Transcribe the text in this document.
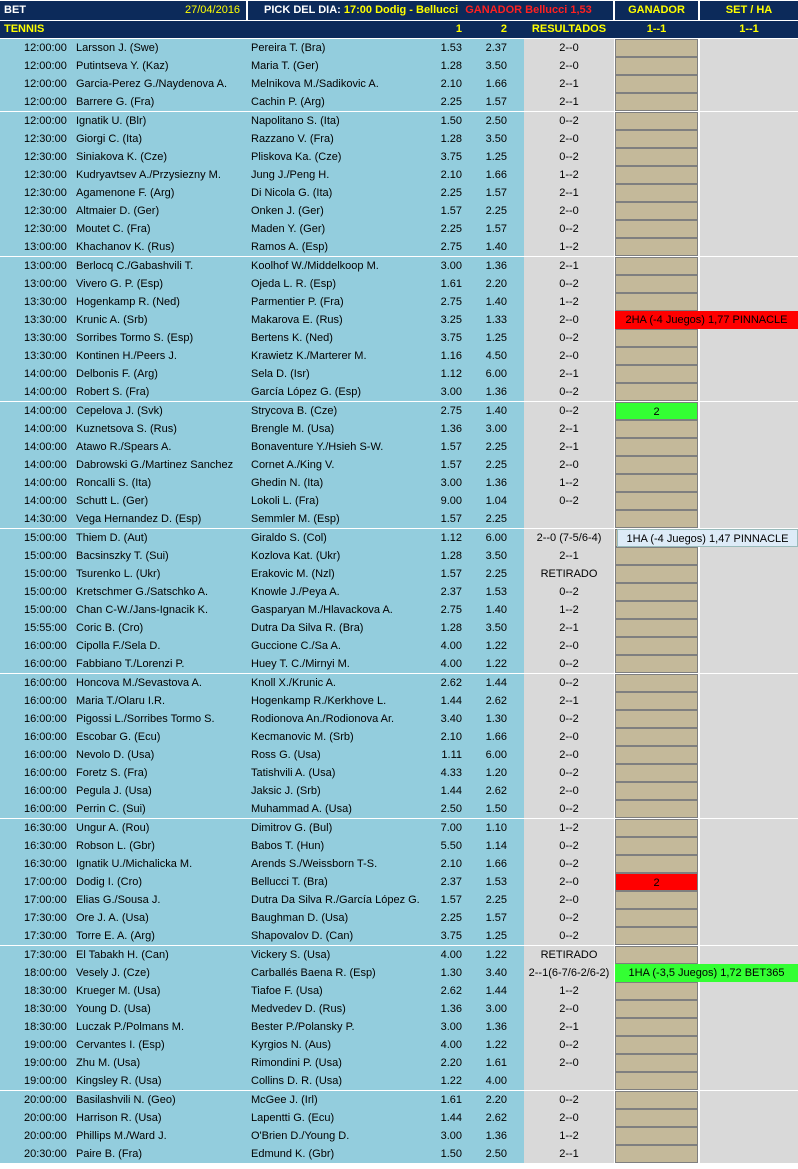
BET	27/04/2016	PICK DEL DIA: 17:00 Dodig - Bellucci GANADOR Bellucci 1,53	GANADOR	SET / HA
TENNIS	1	2	RESULTADOS	1--1	1--1
12:00:00 Larsson J. (Swe)	Pereira T. (Bra)	1.53	2.37	2--0
12:00:00 Putintseva Y. (Kaz)	Maria T. (Ger)	1.28	3.50	2--0
12:00:00 Garcia-Perez G./Naydenova A.	Melnikova M./Sadikovic A.	2.10	1.66	2--1
12:00:00 Barrere G. (Fra)	Cachin P. (Arg)	2.25	1.57	2--1
12:00:00 Ignatik U. (Blr)	Napolitano S. (Ita)	1.50	2.50	0--2
12:30:00 Giorgi C. (Ita)	Razzano V. (Fra)	1.28	3.50	2--0
12:30:00 Siniakova K. (Cze)	Pliskova Ka. (Cze)	3.75	1.25	0--2
12:30:00 Kudryavtsev A./Przysiezny M.	Jung J./Peng H.	2.10	1.66	1--2
12:30:00 Agamenone F. (Arg)	Di Nicola G. (Ita)	2.25	1.57	2--1
12:30:00 Altmaier D. (Ger)	Onken J. (Ger)	1.57	2.25	2--0
12:30:00 Moutet C. (Fra)	Maden Y. (Ger)	2.25	1.57	0--2
13:00:00 Khachanov K. (Rus)	Ramos A. (Esp)	2.75	1.40	1--2
13:00:00 Berlocq C./Gabashvili T.	Koolhof W./Middelkoop M.	3.00	1.36	2--1
13:00:00 Vivero G. P. (Esp)	Ojeda L. R. (Esp)	1.61	2.20	0--2
13:30:00 Hogenkamp R. (Ned)	Parmentier P. (Fra)	2.75	1.40	1--2
13:30:00 Krunic A. (Srb)	Makarova E. (Rus)	3.25	1.33	2--0	2HA (-4 Juegos) 1,77 PINNACLE
13:30:00 Sorribes Tormo S. (Esp)	Bertens K. (Ned)	3.75	1.25	0--2
13:30:00 Kontinen H./Peers J.	Krawietz K./Marterer M.	1.16	4.50	2--0
14:00:00 Delbonis F. (Arg)	Sela D. (Isr)	1.12	6.00	2--1
14:00:00 Robert S. (Fra)	García López G. (Esp)	3.00	1.36	0--2
14:00:00 Cepelova J. (Svk)	Strycova B. (Cze)	2.75	1.40	0--2	2
14:00:00 Kuznetsova S. (Rus)	Brengle M. (Usa)	1.36	3.00	2--1
14:00:00 Atawo R./Spears A.	Bonaventure Y./Hsieh S-W.	1.57	2.25	2--1
14:00:00 Dabrowski G./Martinez Sanchez	Cornet A./King V.	1.57	2.25	2--0
14:00:00 Roncalli S. (Ita)	Ghedin N. (Ita)	3.00	1.36	1--2
14:00:00 Schutt L. (Ger)	Lokoli L. (Fra)	9.00	1.04	0--2
14:30:00 Vega Hernandez D. (Esp)	Semmler M. (Esp)	1.57	2.25
15:00:00 Thiem D. (Aut)	Giraldo S. (Col)	1.12	6.00	2--0 (7-5/6-4)	1HA (-4 Juegos) 1,47 PINNACLE
15:00:00 Bacsinszky T. (Sui)	Kozlova Kat. (Ukr)	1.28	3.50	2--1
15:00:00 Tsurenko L. (Ukr)	Erakovic M. (Nzl)	1.57	2.25	RETIRADO
15:00:00 Kretschmer G./Satschko A.	Knowle J./Peya A.	2.37	1.53	0--2
15:00:00 Chan C-W./Jans-Ignacik K.	Gasparyan M./Hlavackova A.	2.75	1.40	1--2
15:55:00 Coric B. (Cro)	Dutra Da Silva R. (Bra)	1.28	3.50	2--1
16:00:00 Cipolla F./Sela D.	Guccione C./Sa A.	4.00	1.22	2--0
16:00:00 Fabbiano T./Lorenzi P.	Huey T. C./Mirnyi M.	4.00	1.22	0--2
16:00:00 Honcova M./Sevastova A.	Knoll X./Krunic A.	2.62	1.44	0--2
16:00:00 Maria T./Olaru I.R.	Hogenkamp R./Kerkhove L.	1.44	2.62	2--1
16:00:00 Pigossi L./Sorribes Tormo S.	Rodionova An./Rodionova Ar.	3.40	1.30	0--2
16:00:00 Escobar G. (Ecu)	Kecmanovic M. (Srb)	2.10	1.66	2--0
16:00:00 Nevolo D. (Usa)	Ross G. (Usa)	1.11	6.00	2--0
16:00:00 Foretz S. (Fra)	Tatishvili A. (Usa)	4.33	1.20	0--2
16:00:00 Pegula J. (Usa)	Jaksic J. (Srb)	1.44	2.62	2--0
16:00:00 Perrin C. (Sui)	Muhammad A. (Usa)	2.50	1.50	0--2
16:30:00 Ungur A. (Rou)	Dimitrov G. (Bul)	7.00	1.10	1--2
16:30:00 Robson L. (Gbr)	Babos T. (Hun)	5.50	1.14	0--2
16:30:00 Ignatik U./Michalicka M.	Arends S./Weissborn T-S.	2.10	1.66	0--2
17:00:00 Dodig I. (Cro)	Bellucci T. (Bra)	2.37	1.53	2--0	2
17:00:00 Elias G./Sousa J.	Dutra Da Silva R./García López G.	1.57	2.25	2--0
17:30:00 Ore J. A. (Usa)	Baughman D. (Usa)	2.25	1.57	0--2
17:30:00 Torre E. A. (Arg)	Shapovalov D. (Can)	3.75	1.25	0--2
17:30:00 El Tabakh H. (Can)	Vickery S. (Usa)	4.00	1.22	RETIRADO
18:00:00 Vesely J. (Cze)	Carballés Baena R. (Esp)	1.30	3.40	2--1(6-7/6-2/6-2)	1HA (-3,5 Juegos) 1,72 BET365
18:30:00 Krueger M. (Usa)	Tiafoe F. (Usa)	2.62	1.44	1--2
18:30:00 Young D. (Usa)	Medvedev D. (Rus)	1.36	3.00	2--0
18:30:00 Luczak P./Polmans M.	Bester P./Polansky P.	3.00	1.36	2--1
19:00:00 Cervantes I. (Esp)	Kyrgios N. (Aus)	4.00	1.22	0--2
19:00:00 Zhu M. (Usa)	Rimondini P. (Usa)	2.20	1.61	2--0
19:00:00 Kingsley R. (Usa)	Collins D. R. (Usa)	1.22	4.00
20:00:00 Basilashvili N. (Geo)	McGee J. (Irl)	1.61	2.20	0--2
20:00:00 Harrison R. (Usa)	Lapentti G. (Ecu)	1.44	2.62	2--0
20:00:00 Phillips M./Ward J.	O'Brien D./Young D.	3.00	1.36	1--2
20:30:00 Paire B. (Fra)	Edmund K. (Gbr)	1.50	2.50	2--1
